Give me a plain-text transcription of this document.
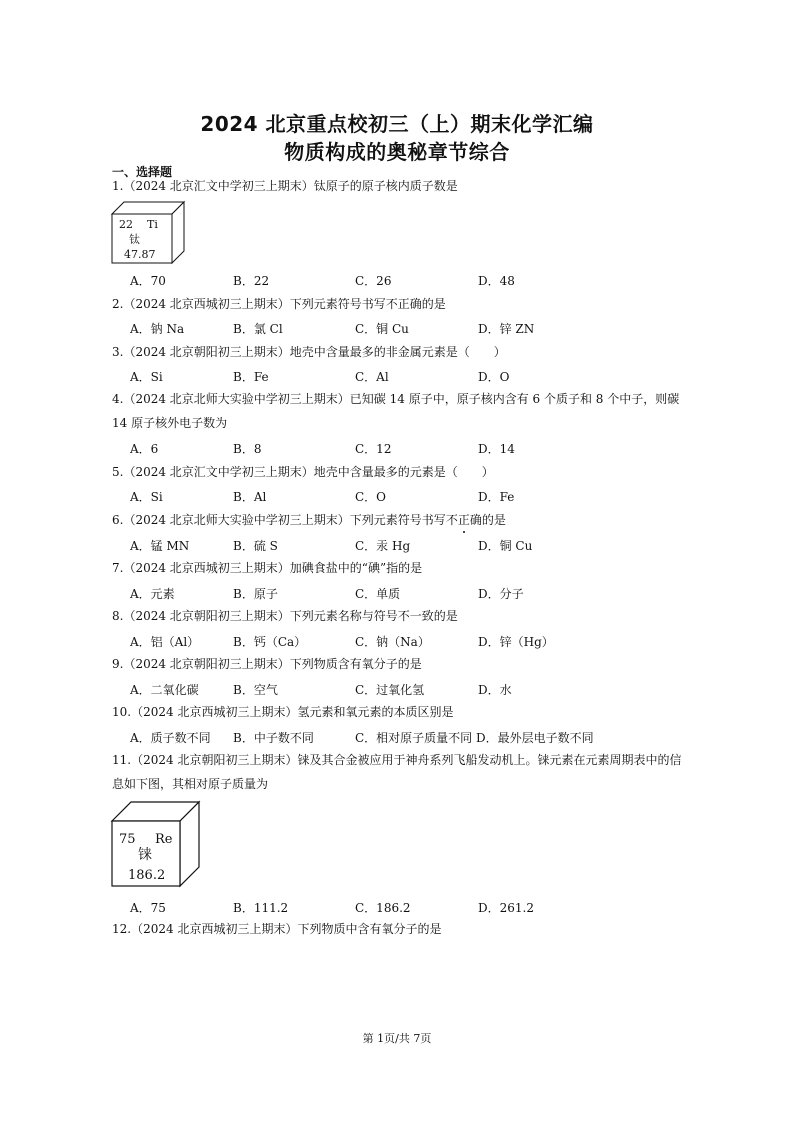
2024 北京重点校初三（上）期末化学汇编
物质构成的奥秘章节综合
一、选择题
1.（2024 北京汇文中学初三上期末）钛原子的原子核内质子数是
22 Ti
钛
47.87
A．70	B．22	C．26	D．48
2.（2024 北京西城初三上期末）下列元素符号书写不正确的是
A．钠 Na	B．氯 Cl	C．铜 Cu	D．锌 ZN
3.（2024 北京朝阳初三上期末）地壳中含量最多的非金属元素是（　　）
A．Si	B．Fe	C．Al	D．O
4.（2024 北京北师大实验中学初三上期末）已知碳 14 原子中，原子核内含有 6 个质子和 8 个中子，则碳 14 原子核外电子数为
A．6	B．8	C．12	D．14
5.（2024 北京汇文中学初三上期末）地壳中含量最多的元素是（　　）
A．Si	B．Al	C．O	D．Fe
6.（2024 北京北师大实验中学初三上期末）下列元素符号书写不正确的是
A．锰 MN	B．硫 S	C．汞 Hg	D．铜 Cu
7.（2024 北京西城初三上期末）加碘食盐中的“碘”指的是
A．元素	B．原子	C．单质	D．分子
8.（2024 北京朝阳初三上期末）下列元素名称与符号不一致的是
A．铝（Al）	B．钙（Ca）	C．钠（Na）	D．锌（Hg）
9.（2024 北京朝阳初三上期末）下列物质含有氧分子的是
A．二氧化碳	B．空气	C．过氧化氢	D．水
10.（2024 北京西城初三上期末）氢元素和氧元素的本质区别是
A．质子数不同 B．中子数不同	C．相对原子质量不同 D．最外层电子数不同
11.（2024 北京朝阳初三上期末）铼及其合金被应用于神舟系列飞船发动机上。铼元素在元素周期表中的信息如下图，其相对原子质量为
75 Re
铼
186.2
A．75	B．111.2	C．186.2	D．261.2
12.（2024 北京西城初三上期末）下列物质中含有氧分子的是
第 1页/共 7页
